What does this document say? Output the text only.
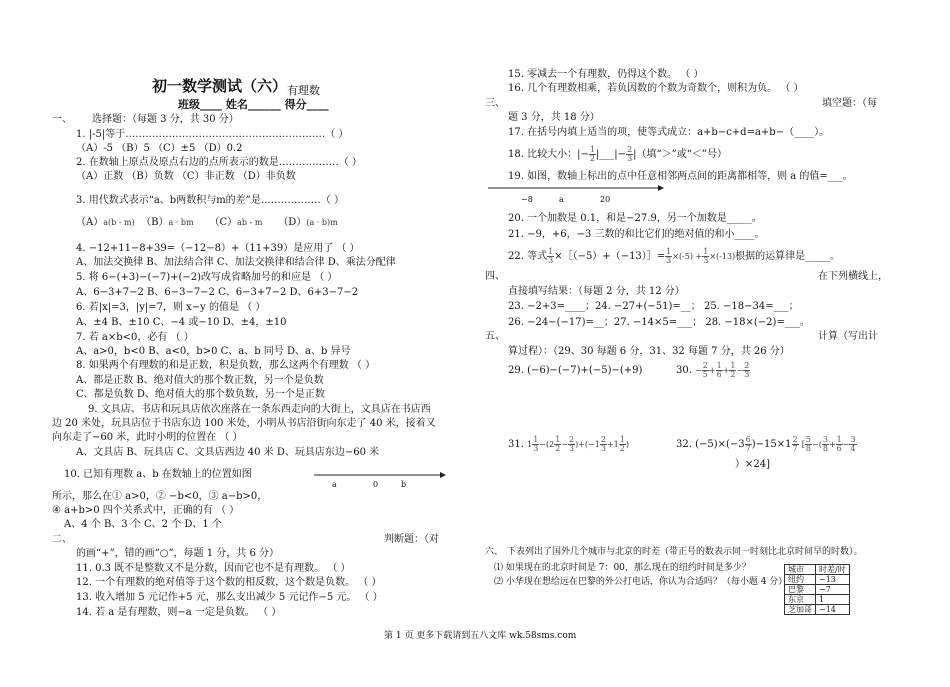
初一数学测试（六） 有理数
班级____ 姓名______ 得分____
一、 选择题：（每题 3 分，共 30 分）
1. |-5|等于……………………………………………………（ ）
（A）-5 （B）5 （C）±5 （D）0.2
2. 在数轴上原点及原点右边的点所表示的数是………………（ ）
（A）正数 （B）负数 （C）非正数 （D）非负数
3. 用代数式表示“a、b两数积与m的差”是………………（ ）
（A）a(b - m) （B）a · bm （C）ab - m （D）(a · b)m
4. −12+11−8+39=（−12−8）+（11+39）是应用了 （ ）
A、加法交换律 B、加法结合律 C、加法交换律和结合律 D、乘法分配律
5. 将 6−(+3)−(−7)+(−2)改写成省略加号的和应是 （ ）
A、6−3+7−2 B、6−3−7−2 C、6−3+7−2 D、6+3−7−2
6. 若|x|=3，|y|=7，则 x−y 的值是 （ ）
A、±4 B、±10 C、−4 或−10 D、±4，±10
7. 若 a×b<0，必有 （ ）
A、a>0，b<0 B、a<0，b>0 C、a、b 同号 D、a、b 异号
8. 如果两个有理数的和是正数，积是负数，那么这两个有理数 （ ）
A、都是正数 B、绝对值大的那个数正数，另一个是负数
C、都是负数 D、绝对值大的那个数负数，另一个是正数
9. 文具店、书店和玩具店依次座落在一条东西走向的大街上，文具店在书店西
边 20 米处，玩具店位于书店东边 100 米处，小明从书店沿街向东走了 40 米，接着又
向东走了−60 米，此时小明的位置在 （ ）
A、文具店 B、玩具店 C、文具店西边 40 米 D、玩具店东边−60 米
10. 已知有理数 a、b 在数轴上的位置如图
a	0	b
所示，那么在① a>0，② −b<0，③ a−b>0，
④ a+b>0 四个关系式中，正确的有 （ ）
A、4 个 B、3 个 C、2 个 D、1 个
二、	判断题：（对
的画“+”，错的画“○”，每题 1 分，共 6 分）
11. 0.3 既不是整数又不是分数，因而它也不是有理数。 （ ）
12. 一个有理数的绝对值等于这个数的相反数，这个数是负数。 （ ）
13. 收入增加 5 元记作+5 元，那么支出减少 5 元记作−5 元。 （ ）
14. 若 a 是有理数，则−a 一定是负数。 （ ）
15. 零减去一个有理数，仍得这个数。 （ ）
16. 几个有理数相乘，若负因数的个数为奇数个，则积为负。 （ ）
三、	填空题：（每
题 3 分，共 18 分）
17. 在括号内填上适当的项，使等式成立：a+b−c+d=a+b−（____）。
18. 比较大小：|− $\frac{1}{2}$ |___|− $\frac{2}{3}$ |（填“＞”或“＜”号）
19. 如图，数轴上标出的点中任意相邻两点间的距离都相等，则 a 的值=___。
−8	a	20
20. 一个加数是 0.1，和是−27.9，另一个加数是_____。
21. −9，+6，−3 三数的和比它们的绝对值的和小____。
22. 等式 $\frac{1}{3}$ ×［（−5）+（−13）］= $\frac{1}{3} \times(-5) + \frac{1}{3} \times(-13)$根据的运算律是_____。
四、	在下列横线上，
直接填写结果：（每题 2 分，共 12 分）
23. −2+3=____；24. −27+(−51)=__； 25. −18−34=___；
26. −24−(−17)=__；27. −14×5=___； 28. −18×(−2)=___。
五、	计算（写出计
算过程）：（29、30 每题 6 分，31、32 每题 7 分，共 26 分）
29. (−6)−(−7)+(−5)−(+9)	30. − $\frac{2}{5} + \frac{1}{6} + \frac{1}{2} - \frac{2}{3}$
31. $1 \frac{1}{3} -(2 \frac{1}{2} - \frac{2}{3} )+(-1 \frac{2}{3} +1 \frac{1}{2}$ )	32. $(-5)\times(-3 \frac{6}{7} )-15\times 1 \frac{2}{7}$ [ $\frac{5}{8}$ −( $\frac{3}{8} + \frac{1}{6} - \frac{3}{4}$
）×24]
六、 下表列出了国外几个城市与北京的时差（带正号的数表示同一时刻比北京时间早的时数）。
⑴ 如果现在的北京时间是 7：00，那么现在的纽约时间是多少？
⑵ 小华现在想给远在巴黎的外公打电话，你认为合适吗？（每小题 4 分）
城市	时差/时
纽约	−13
巴黎	−7
东京	1
芝加哥	−14
第 1 页 更多下载请到五八文库 wk.58sms.com
